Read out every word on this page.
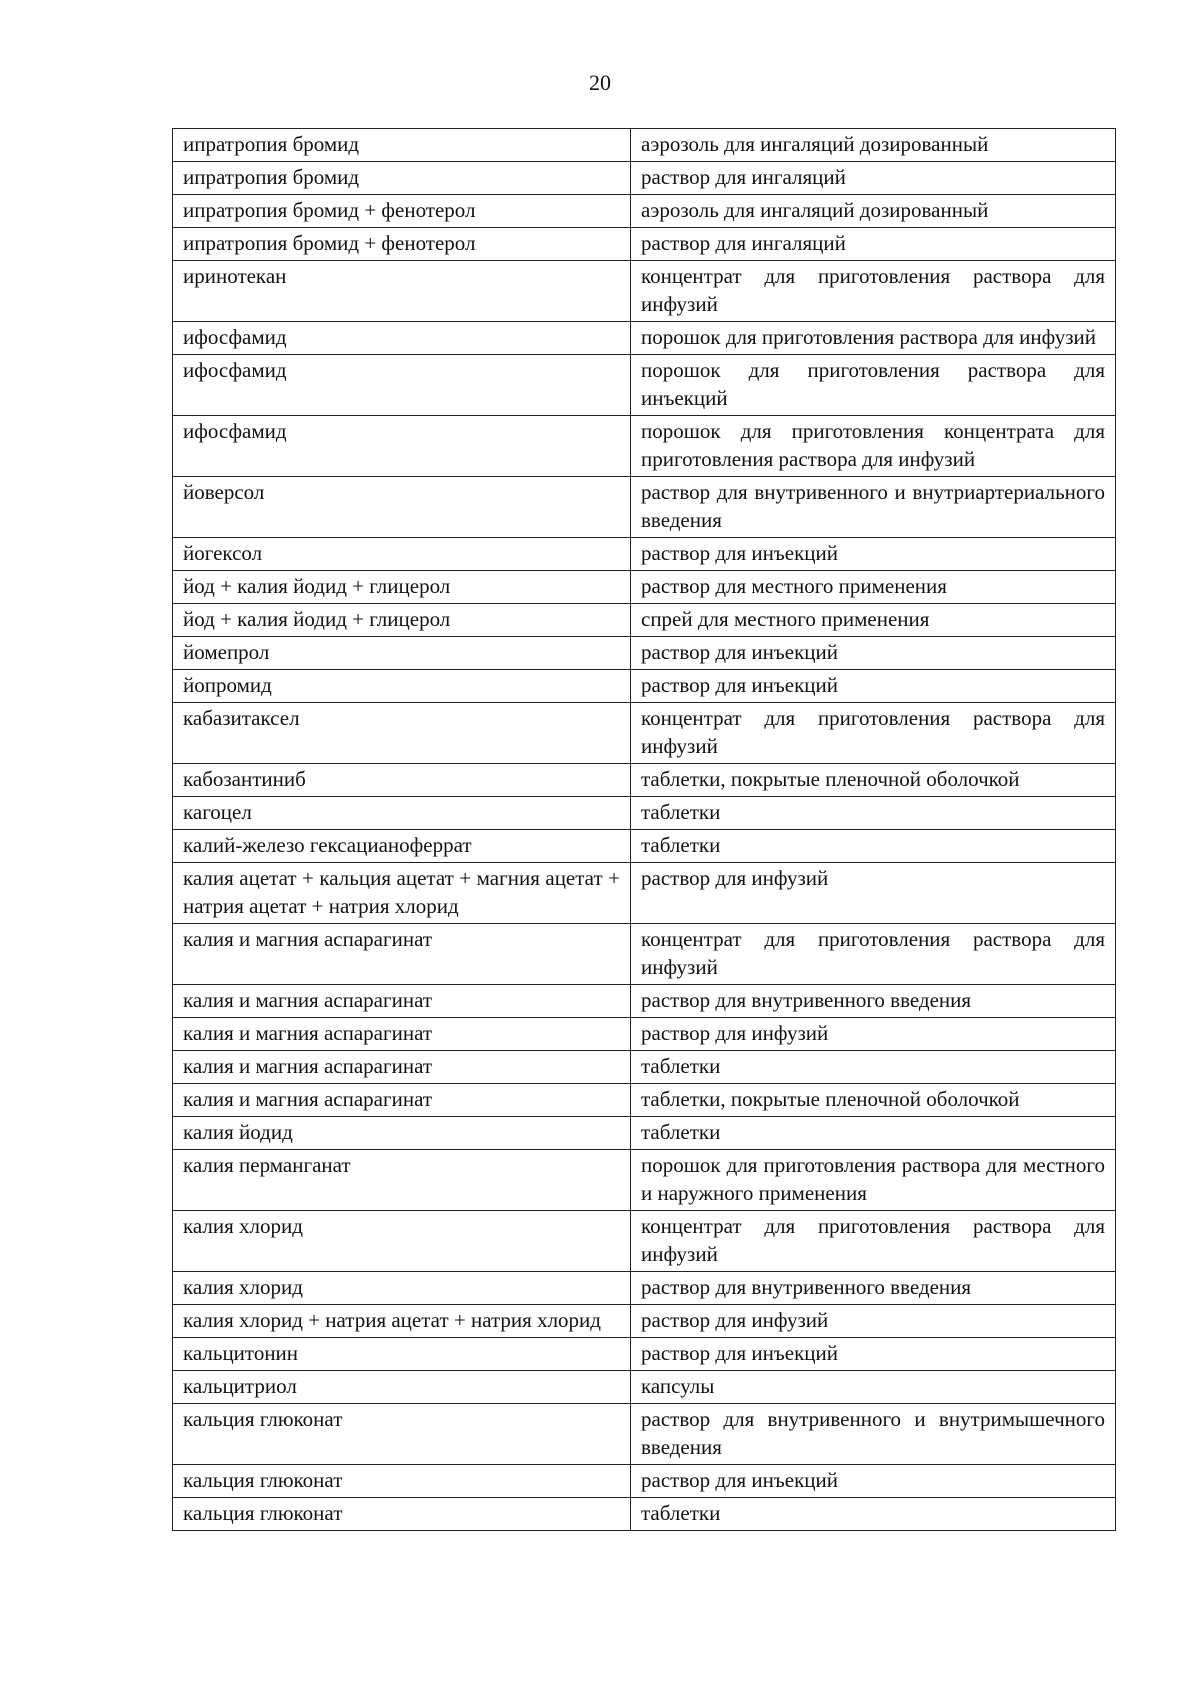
20
ипратропия бромид	аэрозоль для ингаляций дозированный
ипратропия бромид	раствор для ингаляций
ипратропия бромид + фенотерол	аэрозоль для ингаляций дозированный
ипратропия бромид + фенотерол	раствор для ингаляций
иринотекан	концентрат для приготовления раствора для инфузий
ифосфамид	порошок для приготовления раствора для инфузий
ифосфамид	порошок для приготовления раствора для инъекций
ифосфамид	порошок для приготовления концентрата для приготовления раствора для инфузий
йоверсол	раствор для внутривенного и внутриартериального введения
йогексол	раствор для инъекций
йод + калия йодид + глицерол	раствор для местного применения
йод + калия йодид + глицерол	спрей для местного применения
йомепрол	раствор для инъекций
йопромид	раствор для инъекций
кабазитаксел	концентрат для приготовления раствора для инфузий
кабозантиниб	таблетки, покрытые пленочной оболочкой
кагоцел	таблетки
калий-железо гексацианоферрат	таблетки
калия ацетат + кальция ацетат + магния ацетат + натрия ацетат + натрия хлорид	раствор для инфузий
калия и магния аспарагинат	концентрат для приготовления раствора для инфузий
калия и магния аспарагинат	раствор для внутривенного введения
калия и магния аспарагинат	раствор для инфузий
калия и магния аспарагинат	таблетки
калия и магния аспарагинат	таблетки, покрытые пленочной оболочкой
калия йодид	таблетки
калия перманганат	порошок для приготовления раствора для местного и наружного применения
калия хлорид	концентрат для приготовления раствора для инфузий
калия хлорид	раствор для внутривенного введения
калия хлорид + натрия ацетат + натрия хлорид	раствор для инфузий
кальцитонин	раствор для инъекций
кальцитриол	капсулы
кальция глюконат	раствор для внутривенного и внутримышечного введения
кальция глюконат	раствор для инъекций
кальция глюконат	таблетки
